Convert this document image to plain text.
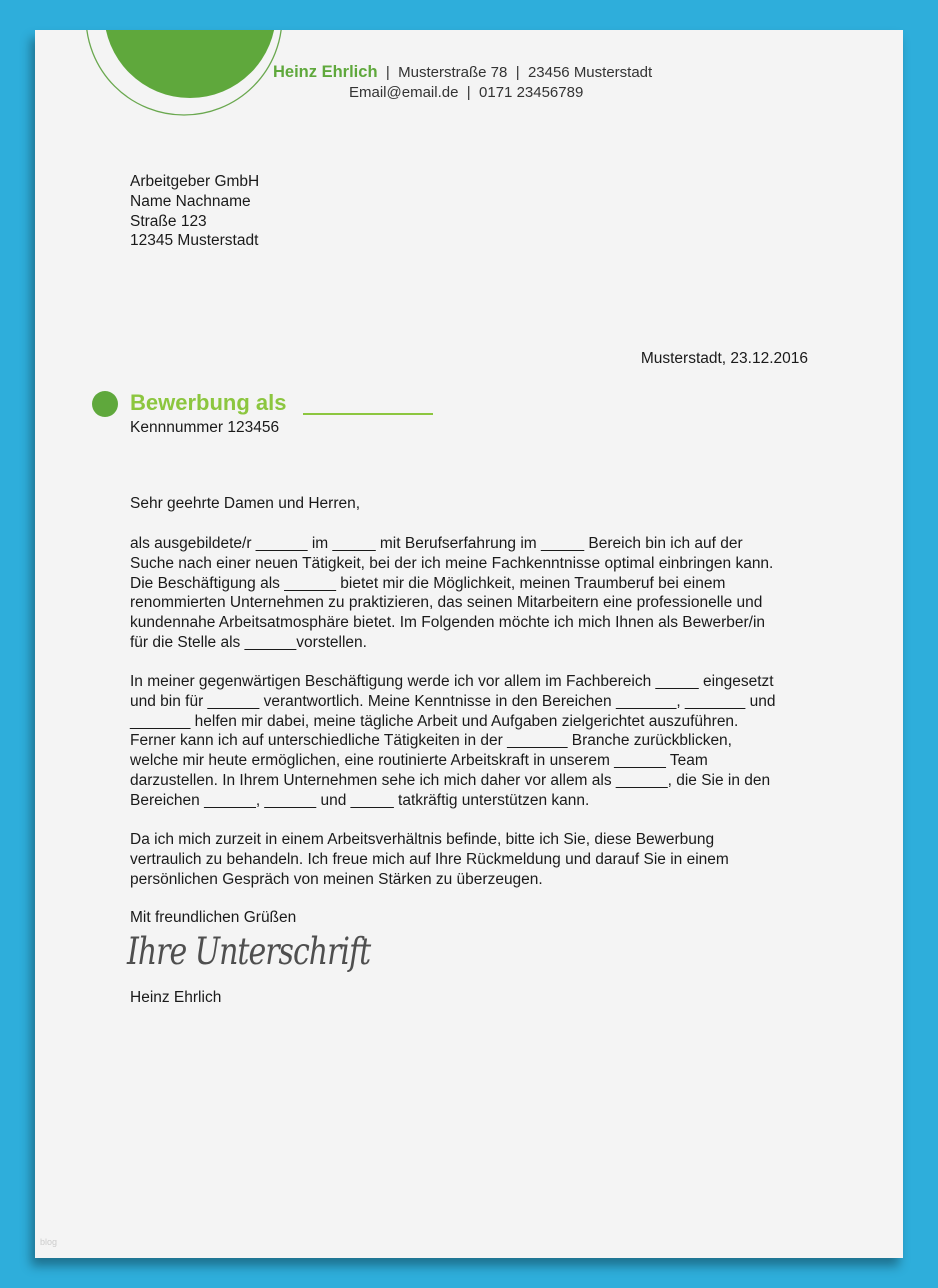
Heinz Ehrlich | Musterstraße 78 | 23456 Musterstadt
Email@email.de | 0171 23456789
Arbeitgeber GmbH
Name Nachname
Straße 123
12345 Musterstadt
Musterstadt, 23.12.2016
Bewerbung als
Kennnummer 123456
Sehr geehrte Damen und Herren,
als ausgebildete/r ______ im _____ mit Berufserfahrung im _____ Bereich bin ich auf der
Suche nach einer neuen Tätigkeit, bei der ich meine Fachkenntnisse optimal einbringen kann.
Die Beschäftigung als ______ bietet mir die Möglichkeit, meinen Traumberuf bei einem
renommierten Unternehmen zu praktizieren, das seinen Mitarbeitern eine professionelle und
kundennahe Arbeitsatmosphäre bietet. Im Folgenden möchte ich mich Ihnen als Bewerber/in
für die Stelle als ______vorstellen.
In meiner gegenwärtigen Beschäftigung werde ich vor allem im Fachbereich _____ eingesetzt
und bin für ______ verantwortlich. Meine Kenntnisse in den Bereichen _______, _______ und
_______ helfen mir dabei, meine tägliche Arbeit und Aufgaben zielgerichtet auszuführen.
Ferner kann ich auf unterschiedliche Tätigkeiten in der _______ Branche zurückblicken,
welche mir heute ermöglichen, eine routinierte Arbeitskraft in unserem ______ Team
darzustellen. In Ihrem Unternehmen sehe ich mich daher vor allem als ______, die Sie in den
Bereichen ______, ______ und _____ tatkräftig unterstützen kann.
Da ich mich zurzeit in einem Arbeitsverhältnis befinde, bitte ich Sie, diese Bewerbung
vertraulich zu behandeln. Ich freue mich auf Ihre Rückmeldung und darauf Sie in einem
persönlichen Gespräch von meinen Stärken zu überzeugen.
Mit freundlichen Grüßen
Ihre Unterschrift
Heinz Ehrlich
blog
